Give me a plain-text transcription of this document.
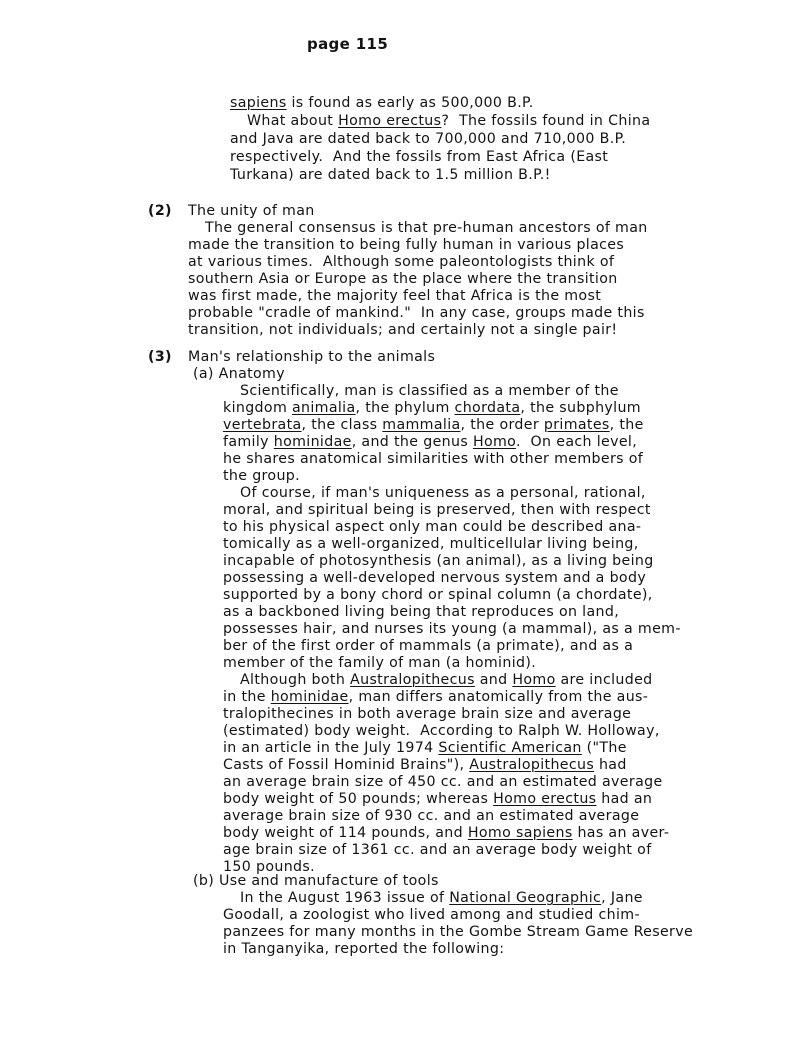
page 115
sapiens is found as early as 500,000 B.P.
What about Homo erectus?  The fossils found in China
and Java are dated back to 700,000 and 710,000 B.P.
respectively.  And the fossils from East Africa (East
Turkana) are dated back to 1.5 million B.P.!
(2) The unity of man
The general consensus is that pre-human ancestors of man
made the transition to being fully human in various places
at various times.  Although some paleontologists think of
southern Asia or Europe as the place where the transition
was first made, the majority feel that Africa is the most
probable "cradle of mankind."  In any case, groups made this
transition, not individuals; and certainly not a single pair!
(3) Man's relationship to the animals
(a) Anatomy
Scientifically, man is classified as a member of the
kingdom animalia, the phylum chordata, the subphylum
vertebrata, the class mammalia, the order primates, the
family hominidae, and the genus Homo.  On each level,
he shares anatomical similarities with other members of
the group.
Of course, if man's uniqueness as a personal, rational,
moral, and spiritual being is preserved, then with respect
to his physical aspect only man could be described ana-
tomically as a well-organized, multicellular living being,
incapable of photosynthesis (an animal), as a living being
possessing a well-developed nervous system and a body
supported by a bony chord or spinal column (a chordate),
as a backboned living being that reproduces on land,
possesses hair, and nurses its young (a mammal), as a mem-
ber of the first order of mammals (a primate), and as a
member of the family of man (a hominid).
Although both Australopithecus and Homo are included
in the hominidae, man differs anatomically from the aus-
tralopithecines in both average brain size and average
(estimated) body weight.  According to Ralph W. Holloway,
in an article in the July 1974 Scientific American ("The
Casts of Fossil Hominid Brains"), Australopithecus had
an average brain size of 450 cc. and an estimated average
body weight of 50 pounds; whereas Homo erectus had an
average brain size of 930 cc. and an estimated average
body weight of 114 pounds, and Homo sapiens has an aver-
age brain size of 1361 cc. and an average body weight of
150 pounds.
(b) Use and manufacture of tools
In the August 1963 issue of National Geographic, Jane
Goodall, a zoologist who lived among and studied chim-
panzees for many months in the Gombe Stream Game Reserve
in Tanganyika, reported the following:
